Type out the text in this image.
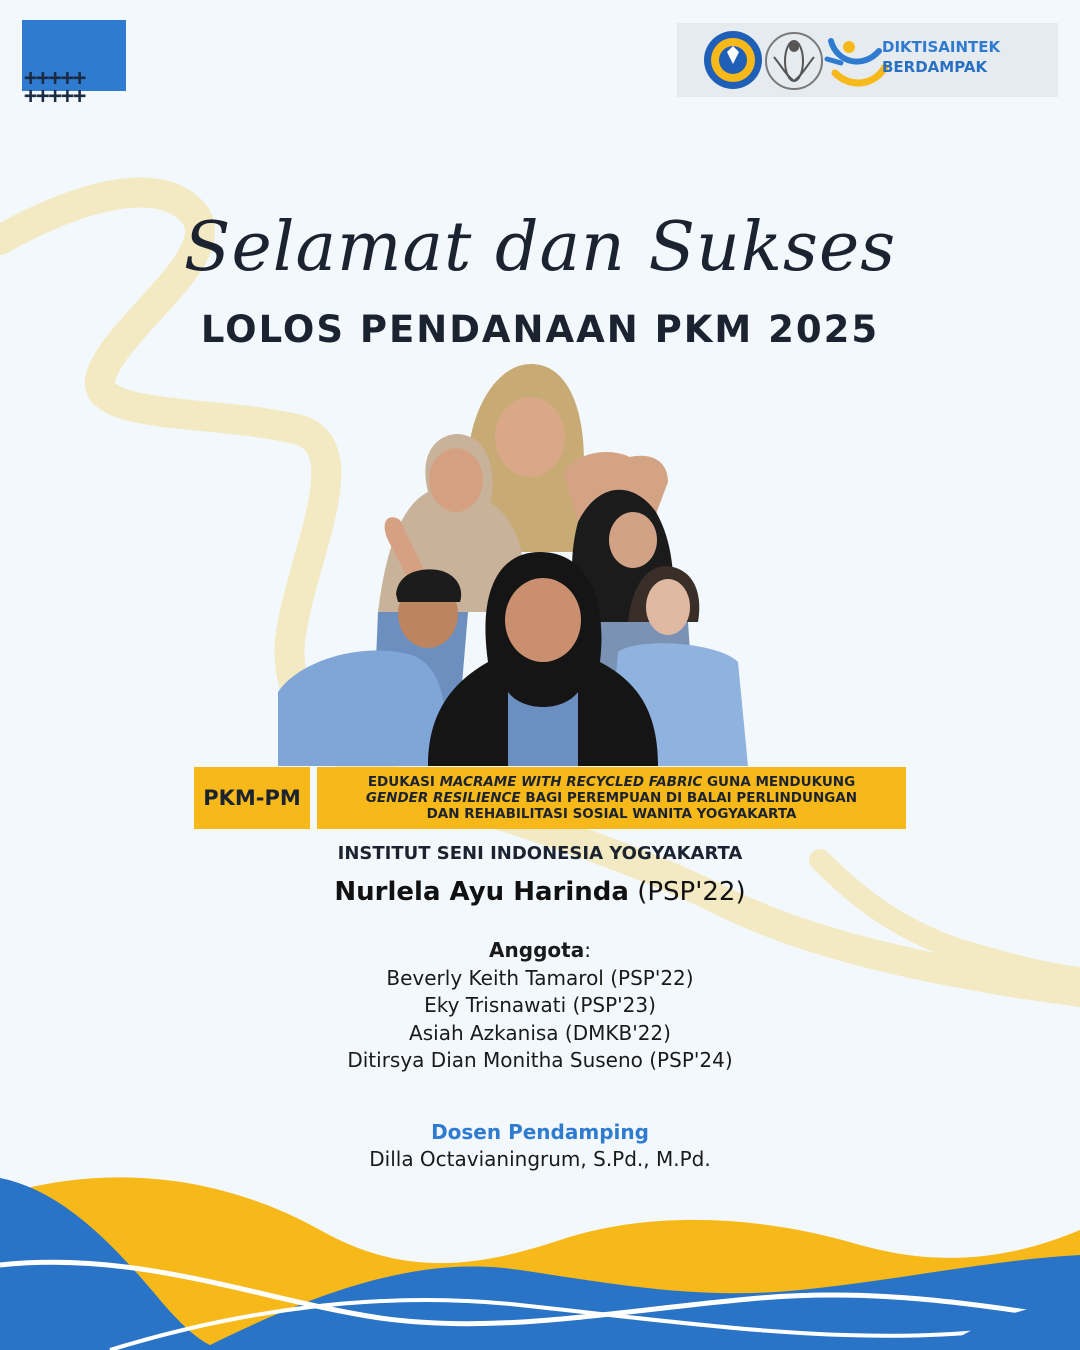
+++++
+++++
DIKTISAINTEK
BERDAMPAK
Selamat dan Sukses
LOLOS PENDANAAN PKM 2025
PKM-PM
EDUKASI MACRAME WITH RECYCLED FABRIC GUNA MENDUKUNG
GENDER RESILIENCE BAGI PEREMPUAN DI BALAI PERLINDUNGAN
DAN REHABILITASI SOSIAL WANITA YOGYAKARTA
INSTITUT SENI INDONESIA YOGYAKARTA
Nurlela Ayu Harinda (PSP'22)
Anggota:
Beverly Keith Tamarol (PSP'22)
Eky Trisnawati (PSP'23)
Asiah Azkanisa (DMKB'22)
Ditirsya Dian Monitha Suseno (PSP'24)
Dosen Pendamping
Dilla Octavianingrum, S.Pd., M.Pd.
